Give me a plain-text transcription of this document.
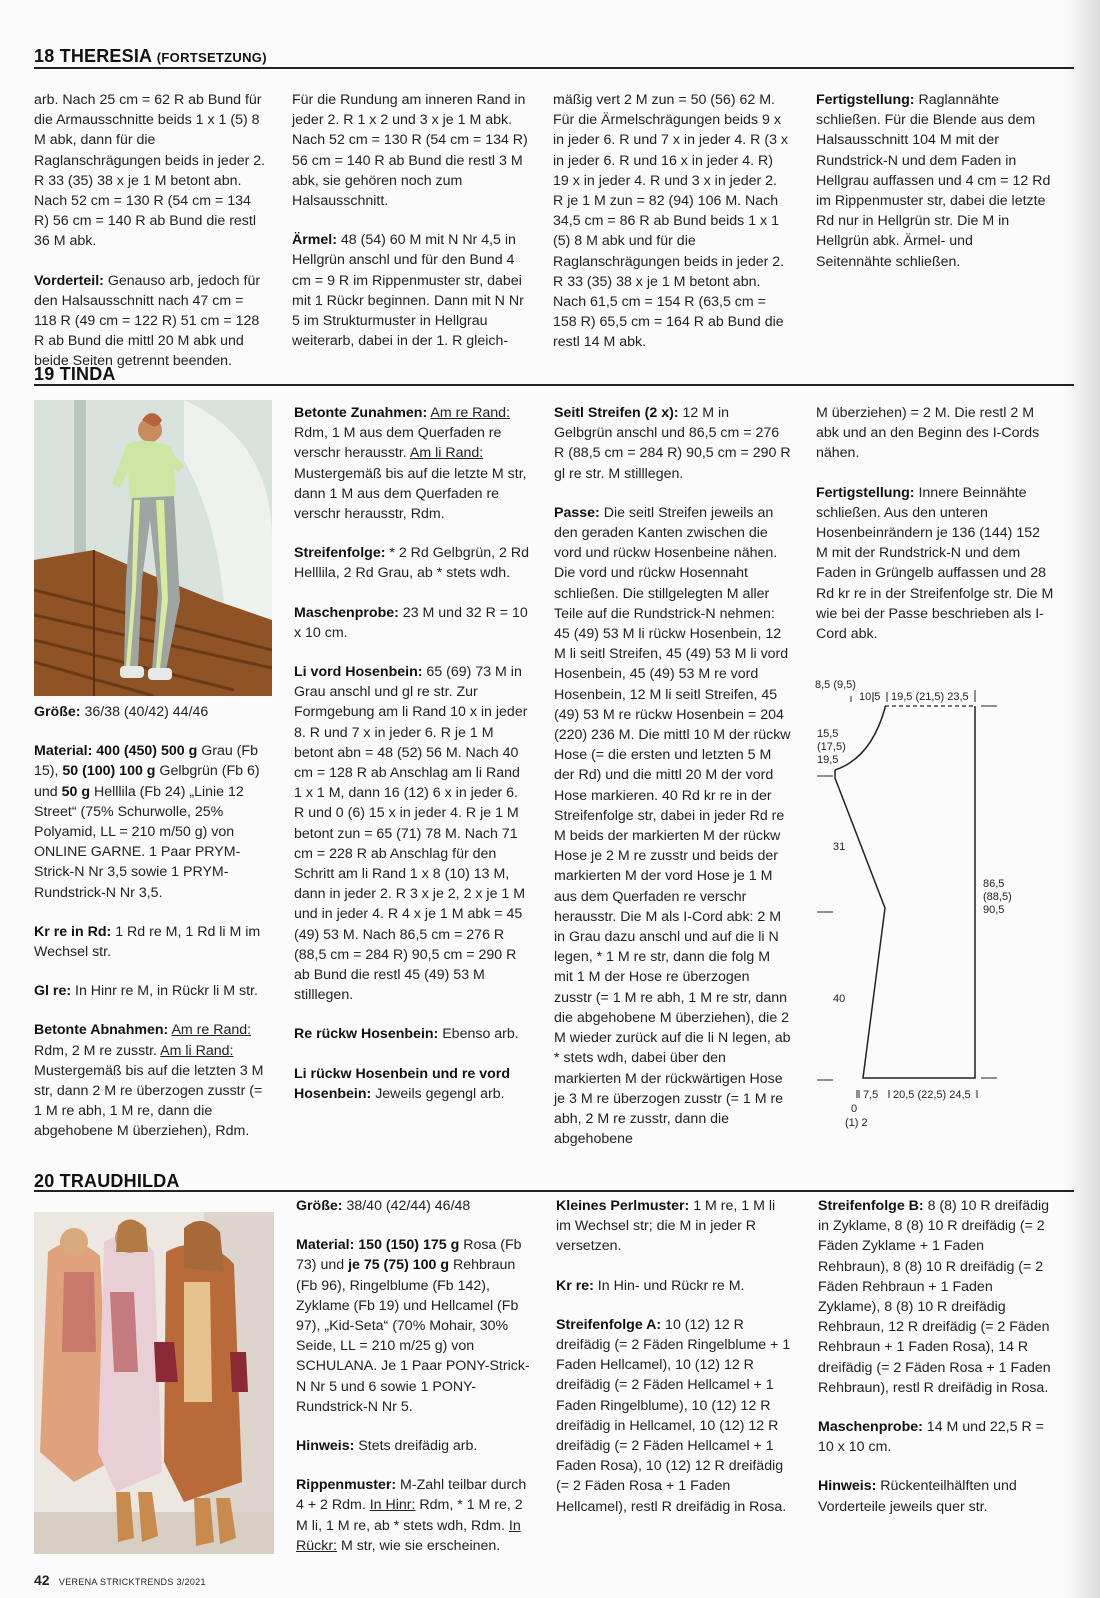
18 THERESIA (FORTSETZUNG)

arb. Nach 25 cm = 62 R ab Bund für die Armausschnitte beids 1 x 1 (5) 8 M abk, dann für die Raglanschrägungen beids in jeder 2. R 33 (35) 38 x je 1 M betont abn. Nach 52 cm = 130 R (54 cm = 134 R) 56 cm = 140 R ab Bund die restl 36 M abk.

Vorderteil: Genauso arb, jedoch für den Halsausschnitt nach 47 cm = 118 R (49 cm = 122 R) 51 cm = 128 R ab Bund die mittl 20 M abk und beide Seiten getrennt beenden.

Für die Rundung am inneren Rand in jeder 2. R 1 x 2 und 3 x je 1 M abk. Nach 52 cm = 130 R (54 cm = 134 R) 56 cm = 140 R ab Bund die restl 3 M abk, sie gehören noch zum Halsausschnitt.

Ärmel: 48 (54) 60 M mit N Nr 4,5 in Hellgrün anschl und für den Bund 4 cm = 9 R im Rippenmuster str, dabei mit 1 Rückr beginnen. Dann mit N Nr 5 im Strukturmuster in Hellgrau weiterarb, dabei in der 1. R gleich-

mäßig vert 2 M zun = 50 (56) 62 M. Für die Ärmelschrägungen beids 9 x in jeder 6. R und 7 x in jeder 4. R (3 x in jeder 6. R und 16 x in jeder 4. R) 19 x in jeder 4. R und 3 x in jeder 2. R je 1 M zun = 82 (94) 106 M. Nach 34,5 cm = 86 R ab Bund beids 1 x 1 (5) 8 M abk und für die Raglanschrägungen beids in jeder 2. R 33 (35) 38 x je 1 M betont abn. Nach 61,5 cm = 154 R (63,5 cm = 158 R) 65,5 cm = 164 R ab Bund die restl 14 M abk.

Fertigstellung: Raglannähte schließen. Für die Blende aus dem Halsausschnitt 104 M mit der Rundstrick-N und dem Faden in Hellgrau auffassen und 4 cm = 12 Rd im Rippenmuster str, dabei die letzte Rd nur in Hellgrün str. Die M in Hellgrün abk. Ärmel- und Seitennähte schließen.

19 TINDA

Größe: 36/38 (40/42) 44/46

Material: 400 (450) 500 g Grau (Fb 15), 50 (100) 100 g Gelbgrün (Fb 6) und 50 g Helllila (Fb 24) „Linie 12 Street“ (75% Schurwolle, 25% Polyamid, LL = 210 m/50 g) von ONLINE GARNE. 1 Paar PRYM-Strick-N Nr 3,5 sowie 1 PRYM-Rundstrick-N Nr 3,5.

Kr re in Rd: 1 Rd re M, 1 Rd li M im Wechsel str.

Gl re: In Hinr re M, in Rückr li M str.

Betonte Abnahmen: Am re Rand: Rdm, 2 M re zusstr. Am li Rand: Mustergemäß bis auf die letzten 3 M str, dann 2 M re überzogen zusstr (= 1 M re abh, 1 M re, dann die abgehobene M überziehen), Rdm.

Betonte Zunahmen: Am re Rand: Rdm, 1 M aus dem Querfaden re verschr herausstr. Am li Rand: Mustergemäß bis auf die letzte M str, dann 1 M aus dem Querfaden re verschr herausstr, Rdm.

Streifenfolge: * 2 Rd Gelbgrün, 2 Rd Helllila, 2 Rd Grau, ab * stets wdh.

Maschenprobe: 23 M und 32 R = 10 x 10 cm.

Li vord Hosenbein: 65 (69) 73 M in Grau anschl und gl re str. Zur Formgebung am li Rand 10 x in jeder 8. R und 7 x in jeder 6. R je 1 M betont abn = 48 (52) 56 M. Nach 40 cm = 128 R ab Anschlag am li Rand 1 x 1 M, dann 16 (12) 6 x in jeder 6. R und 0 (6) 15 x in jeder 4. R je 1 M betont zun = 65 (71) 78 M. Nach 71 cm = 228 R ab Anschlag für den Schritt am li Rand 1 x 8 (10) 13 M, dann in jeder 2. R 3 x je 2, 2 x je 1 M und in jeder 4. R 4 x je 1 M abk = 45 (49) 53 M. Nach 86,5 cm = 276 R (88,5 cm = 284 R) 90,5 cm = 290 R ab Bund die restl 45 (49) 53 M stilllegen.

Re rückw Hosenbein: Ebenso arb.

Li rückw Hosenbein und re vord Hosenbein: Jeweils gegengl arb.

Seitl Streifen (2 x): 12 M in Gelbgrün anschl und 86,5 cm = 276 R (88,5 cm = 284 R) 90,5 cm = 290 R gl re str. M stilllegen.

Passe: Die seitl Streifen jeweils an den geraden Kanten zwischen die vord und rückw Hosenbeine nähen. Die vord und rückw Hosennaht schließen. Die stillgelegten M aller Teile auf die Rundstrick-N nehmen: 45 (49) 53 M li rückw Hosenbein, 12 M li seitl Streifen, 45 (49) 53 M li vord Hosenbein, 45 (49) 53 M re vord Hosenbein, 12 M li seitl Streifen, 45 (49) 53 M re rückw Hosenbein = 204 (220) 236 M. Die mittl 10 M der rückw Hose (= die ersten und letzten 5 M der Rd) und die mittl 20 M der vord Hose markieren. 40 Rd kr re in der Streifenfolge str, dabei in jeder Rd re M beids der markierten M der rückw Hose je 2 M re zusstr und beids der markierten M der vord Hose je 1 M aus dem Querfaden re verschr herausstr. Die M als I-Cord abk: 2 M in Grau dazu anschl und auf die li N legen, * 1 M re str, dann die folg M mit 1 M der Hose re überzogen zusstr (= 1 M re abh, 1 M re str, dann die abgehobene M überziehen), die 2 M wieder zurück auf die li N legen, ab * stets wdh, dabei über den markierten M der rückwärtigen Hose je 3 M re überzogen zusstr (= 1 M re abh, 2 M re zusstr, dann die abgehobene

M überziehen) = 2 M. Die restl 2 M abk und an den Beginn des I-Cords nähen.

Fertigstellung: Innere Beinnähte schließen. Aus den unteren Hosenbeinrändern je 136 (144) 152 M mit der Rundstrick-N und dem Faden in Grüngelb auffassen und 28 Rd kr re in der Streifenfolge str. Die M wie bei der Passe beschrieben als I-Cord abk.

8,5 (9,5)
10,5 19,5 (21,5) 23,5
15,5
(17,5)
19,5
31
40
86,5
(88,5)
90,5
7,5 20,5 (22,5) 24,5
0
(1) 2
20 TRAUDHILDA

Größe: 38/40 (42/44) 46/48

Material: 150 (150) 175 g Rosa (Fb 73) und je 75 (75) 100 g Rehbraun (Fb 96), Ringelblume (Fb 142), Zyklame (Fb 19) und Hellcamel (Fb 97), „Kid-Seta“ (70% Mohair, 30% Seide, LL = 210 m/25 g) von SCHULANA. Je 1 Paar PONY-Strick-N Nr 5 und 6 sowie 1 PONY-Rundstrick-N Nr 5.

Hinweis: Stets dreifädig arb.

Rippenmuster: M-Zahl teilbar durch 4 + 2 Rdm. In Hinr: Rdm, * 1 M re, 2 M li, 1 M re, ab * stets wdh, Rdm. In Rückr: M str, wie sie erscheinen.

Kleines Perlmuster: 1 M re, 1 M li im Wechsel str; die M in jeder R versetzen.

Kr re: In Hin- und Rückr re M.

Streifenfolge A: 10 (12) 12 R dreifädig (= 2 Fäden Ringelblume + 1 Faden Hellcamel), 10 (12) 12 R dreifädig (= 2 Fäden Hellcamel + 1 Faden Ringelblume), 10 (12) 12 R dreifädig in Hellcamel, 10 (12) 12 R dreifädig (= 2 Fäden Hellcamel + 1 Faden Rosa), 10 (12) 12 R dreifädig (= 2 Fäden Rosa + 1 Faden Hellcamel), restl R dreifädig in Rosa.

Streifenfolge B: 8 (8) 10 R dreifädig in Zyklame, 8 (8) 10 R dreifädig (= 2 Fäden Zyklame + 1 Faden Rehbraun), 8 (8) 10 R dreifädig (= 2 Fäden Rehbraun + 1 Faden Zyklame), 8 (8) 10 R dreifädig Rehbraun, 12 R dreifädig (= 2 Fäden Rehbraun + 1 Faden Rosa), 14 R dreifädig (= 2 Fäden Rosa + 1 Faden Rehbraun), restl R dreifädig in Rosa.

Maschenprobe: 14 M und 22,5 R = 10 x 10 cm.

Hinweis: Rückenteilhälften und Vorderteile jeweils quer str.

42 VERENA STRICKTRENDS 3/2021
